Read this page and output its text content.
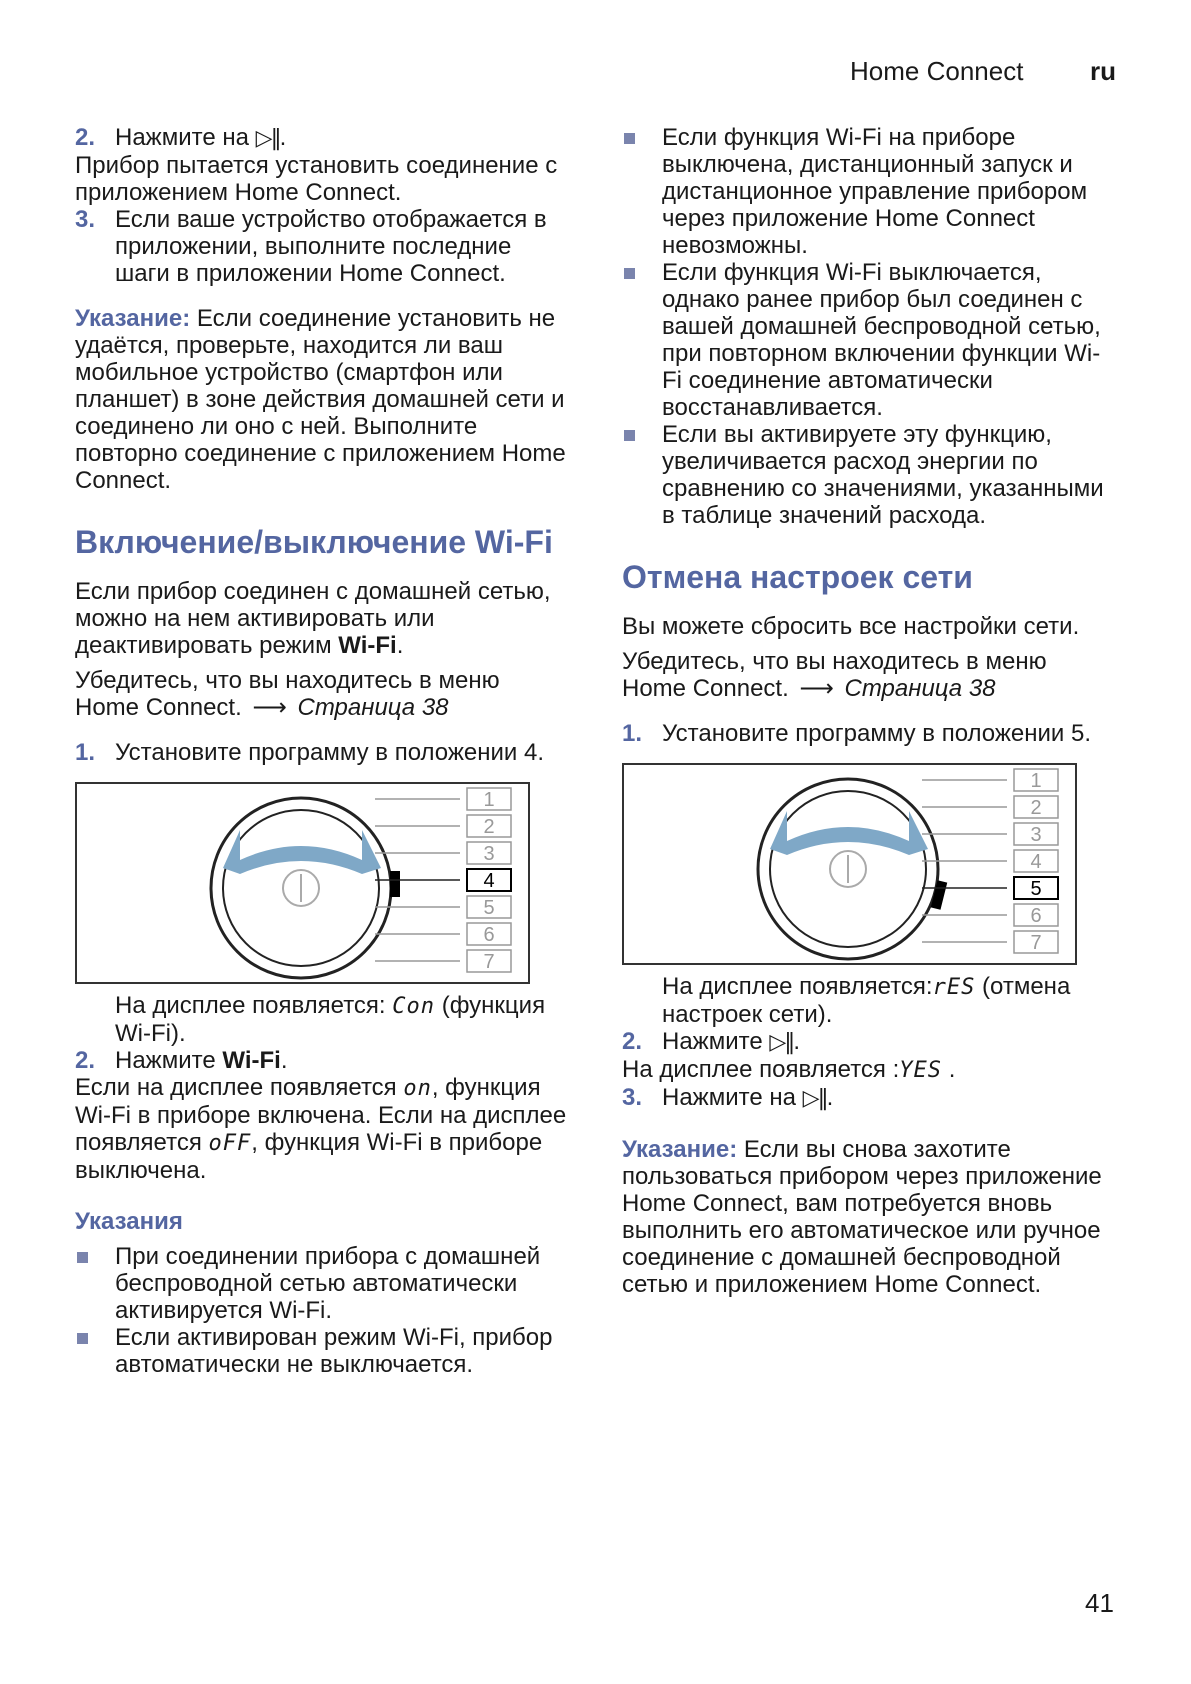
Home Connect	ru
2. Нажмите на ▷‖.

Прибор пытается установить соединение с приложением Home Connect.

3. Если ваше устройство отображается в приложении, выполните последние шаги в приложении Home Connect.

Указание: Если соединение установить не удаётся, проверьте, находится ли ваш мобильное устройство (смартфон или планшет) в зоне действия домашней сети и соединено ли оно с ней. Выполните повторно соединение с приложением Home Connect.

Включение/выключение Wi-Fi

Если прибор соединен с домашней сетью, можно на нем активировать или деактивировать режим Wi-Fi.

Убедитесь, что вы находитесь в меню Home Connect. ⟶ Страница 38

1. Установите программу в положении 4.
1
2
3
4
5
6
7
На дисплее появляется: Con (функция Wi-Fi).
2. Нажмите Wi-Fi.

Если на дисплее появляется on, функция Wi-Fi в приборе включена. Если на дисплее появляется oFF, функция Wi-Fi в приборе выключена.

Указания
При соединении прибора с домашней беспроводной сетью автоматически активируется Wi-Fi.
Если активирован режим Wi-Fi, прибор автоматически не выключается.
Если функция Wi-Fi на приборе выключена, дистанционный запуск и дистанционное управление прибором через приложение Home Connect невозможны.
Если функция Wi-Fi выключается, однако ранее прибор был соединен с вашей домашней беспроводной сетью, при повторном включении функции Wi-Fi соединение автоматически восстанавливается.
Если вы активируете эту функцию, увеличивается расход энергии по сравнению со значениями, указанными в таблице значений расхода.
Отмена настроек сети

Вы можете сбросить все настройки сети.

Убедитесь, что вы находитесь в меню Home Connect. ⟶ Страница 38

1. Установите программу в положении 5.
1
2
3
4
5
6
7
На дисплее появляется:rES (отмена настроек сети).
2. Нажмите ▷‖.

На дисплее появляется :YES .

3. Нажмите на ▷‖.

Указание: Если вы снова захотите пользоваться прибором через приложение Home Connect, вам потребуется вновь выполнить его автоматическое или ручное соединение с домашней беспроводной сетью и приложением Home Connect.

41
